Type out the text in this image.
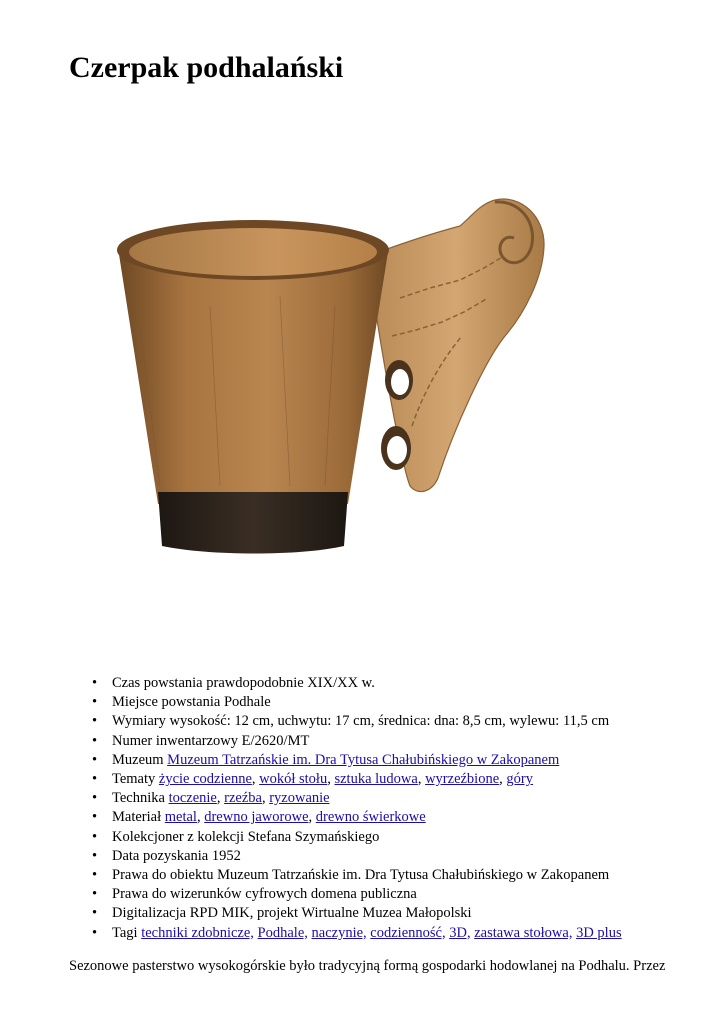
Czerpak podhalański
• Czas powstania prawdopodobnie XIX/XX w.
• Miejsce powstania Podhale
• Wymiary wysokość: 12 cm, uchwytu: 17 cm, średnica: dna: 8,5 cm, wylewu: 11,5 cm
• Numer inwentarzowy E/2620/MT
• Muzeum Muzeum Tatrzańskie im. Dra Tytusa Chałubińskiego w Zakopanem
• Tematy życie codzienne, wokół stołu, sztuka ludowa, wyrzeźbione, góry
• Technika toczenie, rzeźba, ryzowanie
• Materiał metal, drewno jaworowe, drewno świerkowe
• Kolekcjoner z kolekcji Stefana Szymańskiego
• Data pozyskania 1952
• Prawa do obiektu Muzeum Tatrzańskie im. Dra Tytusa Chałubińskiego w Zakopanem
• Prawa do wizerunków cyfrowych domena publiczna
• Digitalizacja RPD MIK, projekt Wirtualne Muzea Małopolski
• Tagi techniki zdobnicze, Podhale, naczynie, codzienność, 3D, zastawa stołowa, 3D plus

Sezonowe pasterstwo wysokogórskie było tradycyjną formą gospodarki hodowlanej na Podhalu. Przez
